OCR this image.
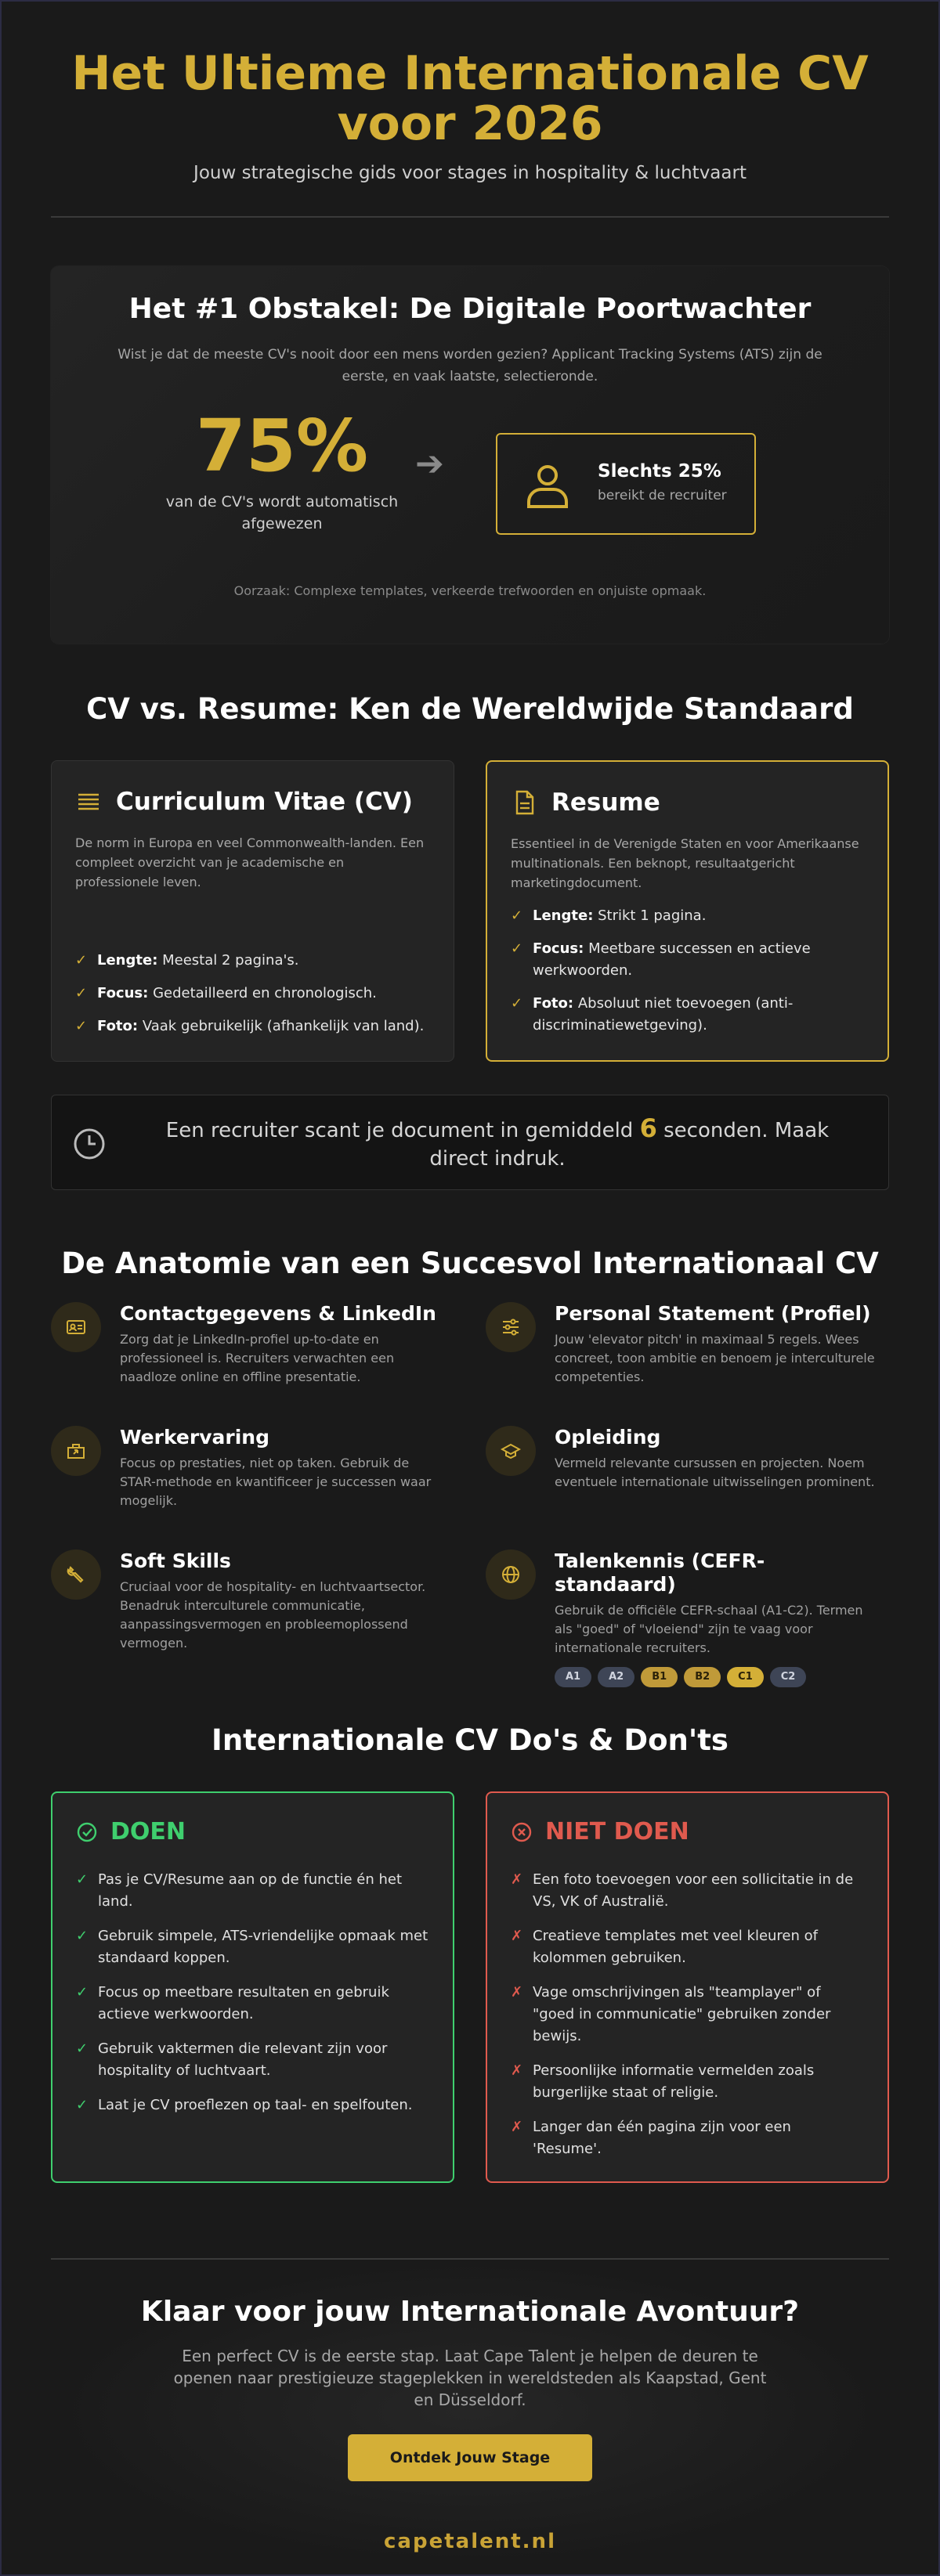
Het Ultieme Internationale CV voor 2026

Jouw strategische gids voor stages in hospitality & luchtvaart

Het #1 Obstakel: De Digitale Poortwachter

Wist je dat de meeste CV's nooit door een mens worden gezien? Applicant Tracking Systems (ATS) zijn de eerste, en vaak laatste, selectieronde.

75%
van de CV's wordt automatisch afgewezen
➔	Slechts 25%
bereikt de recruiter

Oorzaak: Complexe templates, verkeerde trefwoorden en onjuiste opmaak.

CV vs. Resume: Ken de Wereldwijde Standaard
Curriculum Vitae (CV)

De norm in Europa en veel Commonwealth-landen. Een compleet overzicht van je academische en professionele leven.

✓ Lengte: Meestal 2 pagina's.
✓ Focus: Gedetailleerd en chronologisch.
✓ Foto: Vaak gebruikelijk (afhankelijk van land).
Resume

Essentieel in de Verenigde Staten en voor Amerikaanse multinationals. Een beknopt, resultaatgericht marketingdocument.

✓ Lengte: Strikt 1 pagina.
✓ Focus: Meetbare successen en actieve werkwoorden.
✓ Foto: Absoluut niet toevoegen (anti-discriminatiewetgeving).

Een recruiter scant je document in gemiddeld 6 seconden. Maak direct indruk.

De Anatomie van een Succesvol Internationaal CV
Contactgegevens & LinkedIn

Zorg dat je LinkedIn-profiel up-to-date en professioneel is. Recruiters verwachten een naadloze online en offline presentatie.

Personal Statement (Profiel)

Jouw 'elevator pitch' in maximaal 5 regels. Wees concreet, toon ambitie en benoem je interculturele competenties.

Werkervaring

Focus op prestaties, niet op taken. Gebruik de STAR-methode en kwantificeer je successen waar mogelijk.

Opleiding

Vermeld relevante cursussen en projecten. Noem eventuele internationale uitwisselingen prominent.

Soft Skills

Cruciaal voor de hospitality- en luchtvaartsector. Benadruk interculturele communicatie, aanpassingsvermogen en probleemoplossend vermogen.

Talenkennis (CEFR-standaard)

Gebruik de officiële CEFR-schaal (A1-C2). Termen als "goed" of "vloeiend" zijn te vaag voor internationale recruiters.

A1	A2	B1	B2	C1	C2
Internationale CV Do's & Don'ts
DOEN
✓ Pas je CV/Resume aan op de functie én het land.
✓ Gebruik simpele, ATS-vriendelijke opmaak met standaard koppen.
✓ Focus op meetbare resultaten en gebruik actieve werkwoorden.
✓ Gebruik vaktermen die relevant zijn voor hospitality of luchtvaart.
✓ Laat je CV proeflezen op taal- en spelfouten.
NIET DOEN
✗ Een foto toevoegen voor een sollicitatie in de VS, VK of Australië.
✗ Creatieve templates met veel kleuren of kolommen gebruiken.
✗ Vage omschrijvingen als "teamplayer" of "goed in communicatie" gebruiken zonder bewijs.
✗ Persoonlijke informatie vermelden zoals burgerlijke staat of religie.
✗ Langer dan één pagina zijn voor een 'Resume'.
Klaar voor jouw Internationale Avontuur?

Een perfect CV is de eerste stap. Laat Cape Talent je helpen de deuren te openen naar prestigieuze stageplekken in wereldsteden als Kaapstad, Gent en Düsseldorf.

Ontdek Jouw Stage
capetalent.nl
